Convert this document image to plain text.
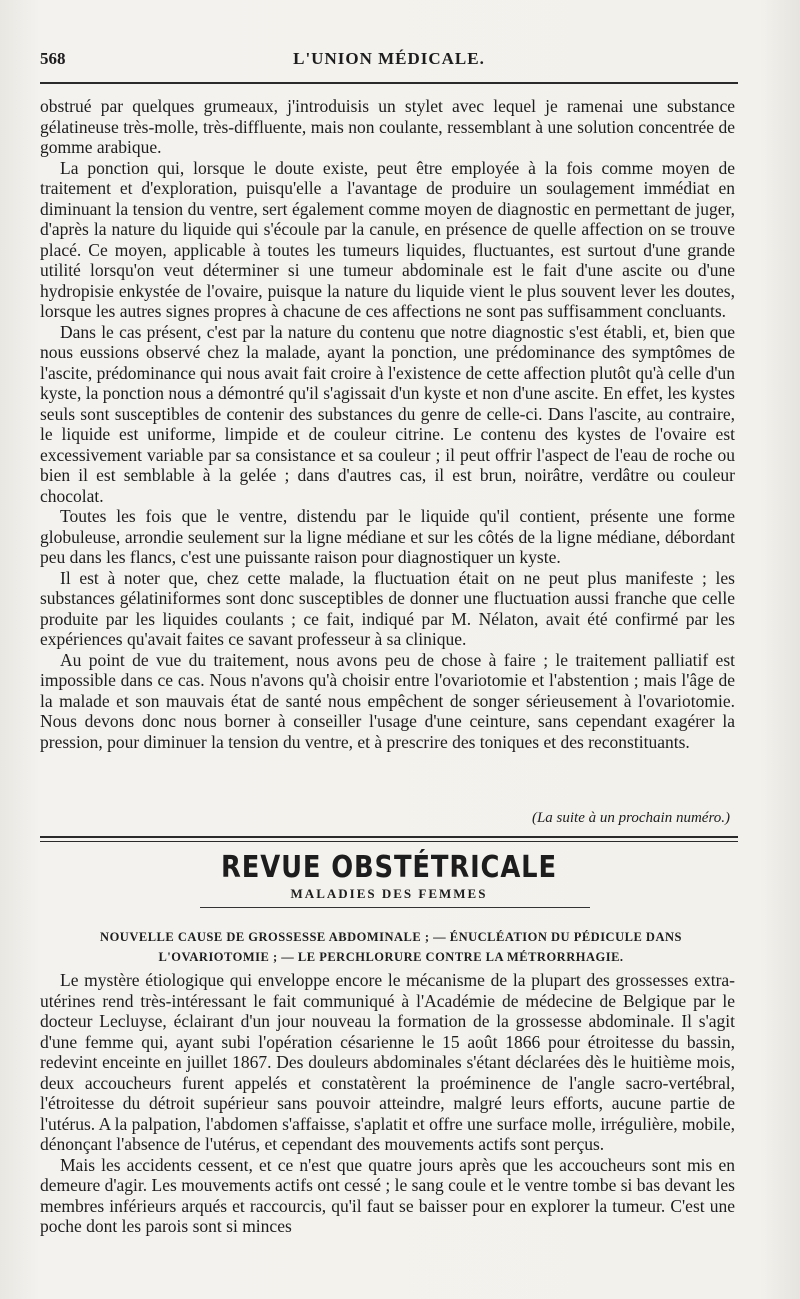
568	L'UNION MÉDICALE.

obstrué par quelques grumeaux, j'introduisis un stylet avec lequel je ramenai une substance gélatineuse très-molle, très-diffluente, mais non coulante, ressemblant à une solution concentrée de gomme arabique.

La ponction qui, lorsque le doute existe, peut être employée à la fois comme moyen de traitement et d'exploration, puisqu'elle a l'avantage de produire un soulagement immédiat en diminuant la tension du ventre, sert également comme moyen de diagnostic en permettant de juger, d'après la nature du liquide qui s'écoule par la canule, en présence de quelle affection on se trouve placé. Ce moyen, applicable à toutes les tumeurs liquides, fluctuantes, est surtout d'une grande utilité lorsqu'on veut déterminer si une tumeur abdominale est le fait d'une ascite ou d'une hydropisie enkystée de l'ovaire, puisque la nature du liquide vient le plus souvent lever les doutes, lorsque les autres signes propres à chacune de ces affections ne sont pas suffisamment concluants.

Dans le cas présent, c'est par la nature du contenu que notre diagnostic s'est établi, et, bien que nous eussions observé chez la malade, ayant la ponction, une prédominance des symptômes de l'ascite, prédominance qui nous avait fait croire à l'existence de cette affection plutôt qu'à celle d'un kyste, la ponction nous a démontré qu'il s'agissait d'un kyste et non d'une ascite. En effet, les kystes seuls sont susceptibles de contenir des substances du genre de celle-ci. Dans l'ascite, au contraire, le liquide est uniforme, limpide et de couleur citrine. Le contenu des kystes de l'ovaire est excessivement variable par sa consistance et sa couleur ; il peut offrir l'aspect de l'eau de roche ou bien il est semblable à la gelée ; dans d'autres cas, il est brun, noirâtre, verdâtre ou couleur chocolat.

Toutes les fois que le ventre, distendu par le liquide qu'il contient, présente une forme globuleuse, arrondie seulement sur la ligne médiane et sur les côtés de la ligne médiane, débordant peu dans les flancs, c'est une puissante raison pour diagnostiquer un kyste.

Il est à noter que, chez cette malade, la fluctuation était on ne peut plus manifeste ; les substances gélatiniformes sont donc susceptibles de donner une fluctuation aussi franche que celle produite par les liquides coulants ; ce fait, indiqué par M. Nélaton, avait été confirmé par les expériences qu'avait faites ce savant professeur à sa clinique.

Au point de vue du traitement, nous avons peu de chose à faire ; le traitement palliatif est impossible dans ce cas. Nous n'avons qu'à choisir entre l'ovariotomie et l'abstention ; mais l'âge de la malade et son mauvais état de santé nous empêchent de songer sérieusement à l'ovariotomie. Nous devons donc nous borner à conseiller l'usage d'une ceinture, sans cependant exagérer la pression, pour diminuer la tension du ventre, et à prescrire des toniques et des reconstituants.

(La suite à un prochain numéro.)
REVUE OBSTÉTRICALE
MALADIES DES FEMMES
NOUVELLE CAUSE DE GROSSESSE ABDOMINALE ; — ÉNUCLÉATION DU PÉDICULE DANS L'OVARIOTOMIE ; — LE PERCHLORURE CONTRE LA MÉTRORRHAGIE.

Le mystère étiologique qui enveloppe encore le mécanisme de la plupart des grossesses extra-utérines rend très-intéressant le fait communiqué à l'Académie de médecine de Belgique par le docteur Lecluyse, éclairant d'un jour nouveau la formation de la grossesse abdominale. Il s'agit d'une femme qui, ayant subi l'opération césarienne le 15 août 1866 pour étroitesse du bassin, redevint enceinte en juillet 1867. Des douleurs abdominales s'étant déclarées dès le huitième mois, deux accoucheurs furent appelés et constatèrent la proéminence de l'angle sacro-vertébral, l'étroitesse du détroit supérieur sans pouvoir atteindre, malgré leurs efforts, aucune partie de l'utérus. A la palpation, l'abdomen s'affaisse, s'aplatit et offre une surface molle, irrégulière, mobile, dénonçant l'absence de l'utérus, et cependant des mouvements actifs sont perçus.

Mais les accidents cessent, et ce n'est que quatre jours après que les accoucheurs sont mis en demeure d'agir. Les mouvements actifs ont cessé ; le sang coule et le ventre tombe si bas devant les membres inférieurs arqués et raccourcis, qu'il faut se baisser pour en explorer la tumeur. C'est une poche dont les parois sont si minces
